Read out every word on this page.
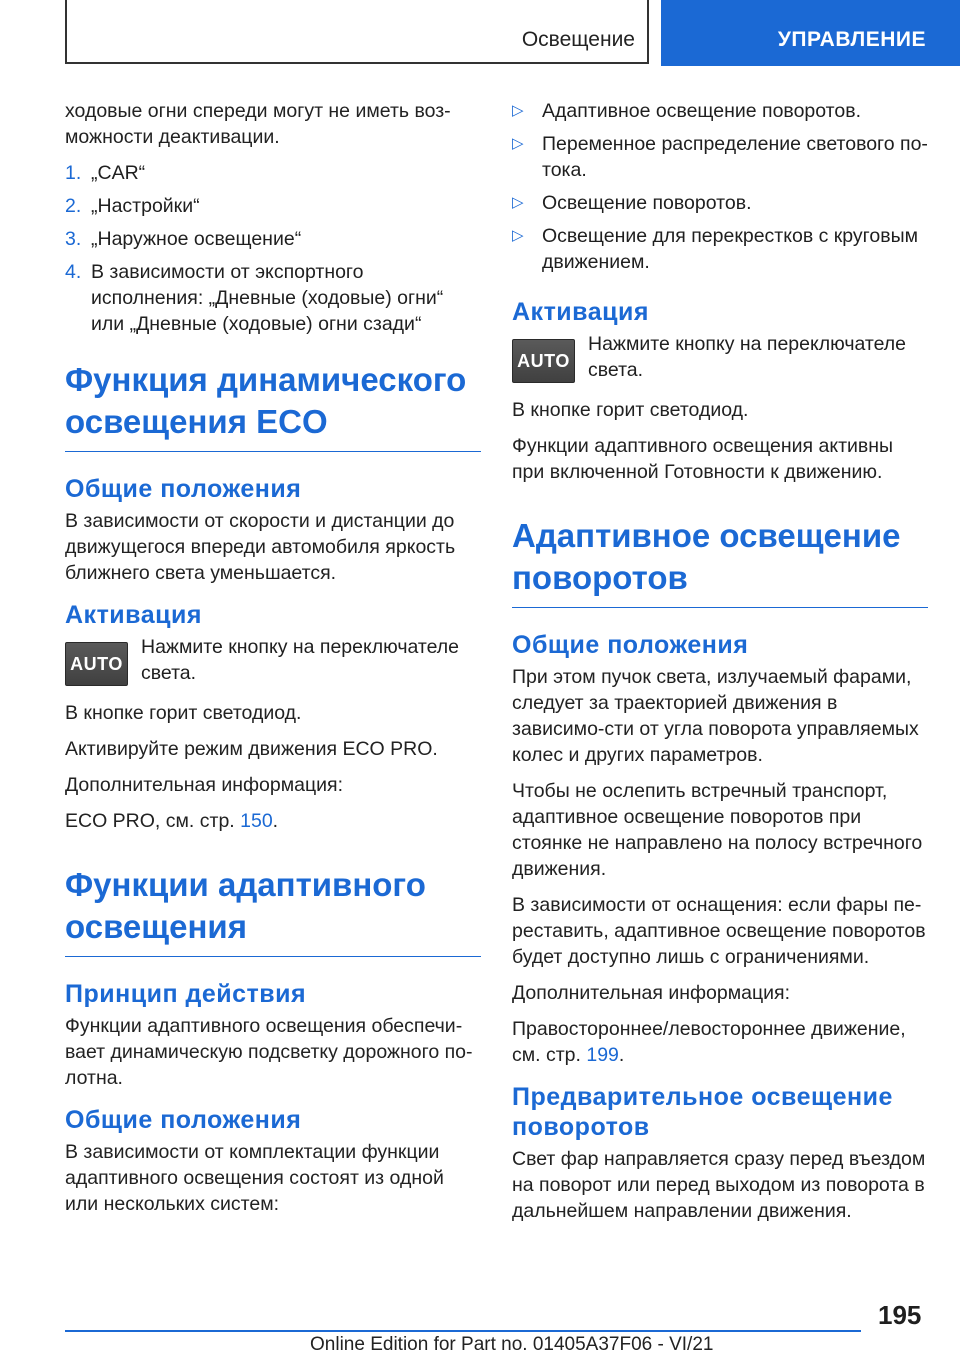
Освещение	УПРАВЛЕНИЕ

ходовые огни спереди могут не иметь воз-можности деактивации.

1. „CAR“
2. „Настройки“
3. „Наружное освещение“
4. В зависимости от экспортного исполнения: „Дневные (ходовые) огни“ или „Дневные (ходовые) огни сзади“
Функция динамического освещения ECO
Общие положения

В зависимости от скорости и дистанции до движущегося впереди автомобиля яркость ближнего света уменьшается.

Активация
AUTO

Нажмите кнопку на переключателе света.

В кнопке горит светодиод.

Активируйте режим движения ECO PRO.

Дополнительная информация:

ECO PRO, см. стр. 150.

Функции адаптивного освещения
Принцип действия

Функции адаптивного освещения обеспечи-вает динамическую подсветку дорожного по-лотна.

Общие положения

В зависимости от комплектации функции адаптивного освещения состоят из одной или нескольких систем:

▷ Адаптивное освещение поворотов.
▷ Переменное распределение светового по-тока.
▷ Освещение поворотов.
▷ Освещение для перекрестков с круговым движением.
Активация
AUTO

Нажмите кнопку на переключателе света.

В кнопке горит светодиод.

Функции адаптивного освещения активны при включенной Готовности к движению.

Адаптивное освещение поворотов
Общие положения

При этом пучок света, излучаемый фарами, следует за траекторией движения в зависимо-сти от угла поворота управляемых колес и других параметров.

Чтобы не ослепить встречный транспорт, адаптивное освещение поворотов при стоянке не направлено на полосу встречного движения.

В зависимости от оснащения: если фары пе-реставить, адаптивное освещение поворотов будет доступно лишь с ограничениями.

Дополнительная информация:

Правостороннее/левостороннее движение, см. стр. 199.

Предварительное освещение поворотов

Свет фар направляется сразу перед въездом на поворот или перед выходом из поворота в дальнейшем направлении движения.

195
Online Edition for Part no. 01405A37F06 - VI/21
